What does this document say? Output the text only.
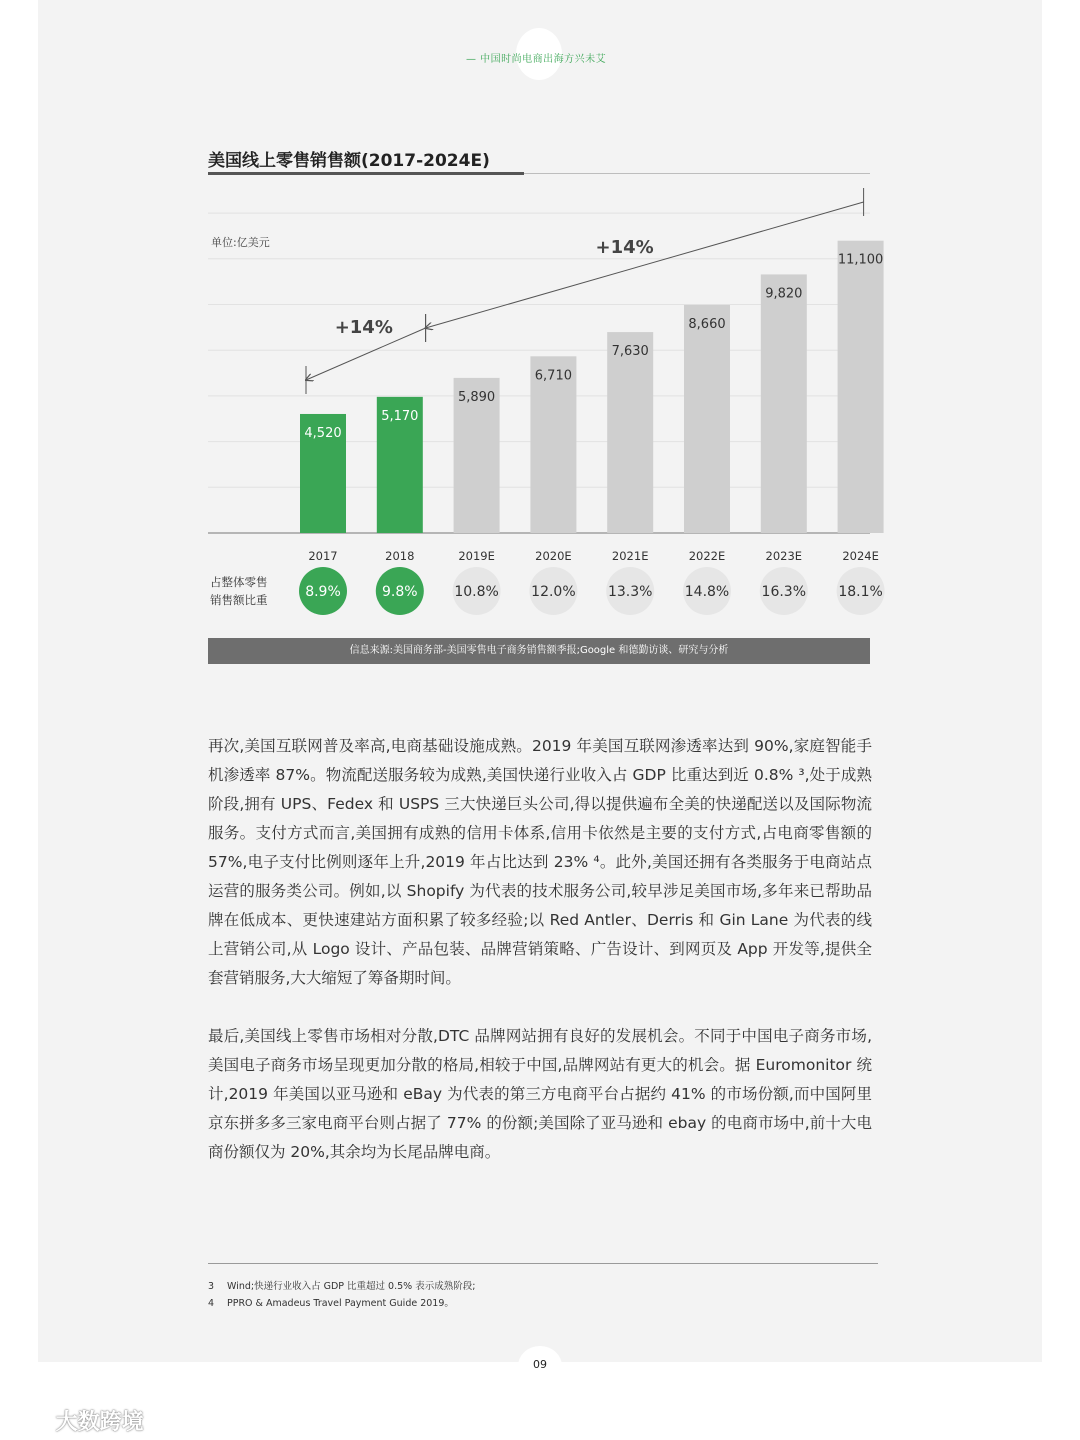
— 中国时尚电商出海方兴未艾
美国线上零售销售额(2017-2024E)
单位:亿美元
4,520
2017
8.9%
5,170
2018
9.8%
5,890
2019E
10.8%
6,710
2020E
12.0%
7,630
2021E
13.3%
8,660
2022E
14.8%
9,820
2023E
16.3%
11,100
2024E
18.1%
占整体零售
销售额比重
+14%
+14%
信息来源:美国商务部-美国零售电子商务销售额季报;Google 和德勤访谈、研究与分析

再次,美国互联网普及率高,电商基础设施成熟。2019 年美国互联网渗透率达到 90%,家庭智能手机渗透率 87%。物流配送服务较为成熟,美国快递行业收入占 GDP 比重达到近 0.8% ³,处于成熟阶段,拥有 UPS、Fedex 和 USPS 三大快递巨头公司,得以提供遍布全美的快递配送以及国际物流服务。支付方式而言,美国拥有成熟的信用卡体系,信用卡依然是主要的支付方式,占电商零售额的 57%,电子支付比例则逐年上升,2019 年占比达到 23% ⁴。此外,美国还拥有各类服务于电商站点运营的服务类公司。例如,以 Shopify 为代表的技术服务公司,较早涉足美国市场,多年来已帮助品牌在低成本、更快速建站方面积累了较多经验;以 Red Antler、Derris 和 Gin Lane 为代表的线上营销公司,从 Logo 设计、产品包装、品牌营销策略、广告设计、到网页及 App 开发等,提供全套营销服务,大大缩短了筹备期时间。

最后,美国线上零售市场相对分散,DTC 品牌网站拥有良好的发展机会。不同于中国电子商务市场,美国电子商务市场呈现更加分散的格局,相较于中国,品牌网站有更大的机会。据 Euromonitor 统计,2019 年美国以亚马逊和 eBay 为代表的第三方电商平台占据约 41% 的市场份额,而中国阿里京东拼多多三家电商平台则占据了 77% 的份额;美国除了亚马逊和 ebay 的电商市场中,前十大电商份额仅为 20%,其余均为长尾品牌电商。

3 Wind;快递行业收入占 GDP 比重超过 0.5% 表示成熟阶段;
4 PPRO & Amadeus Travel Payment Guide 2019。
09
大数跨境
